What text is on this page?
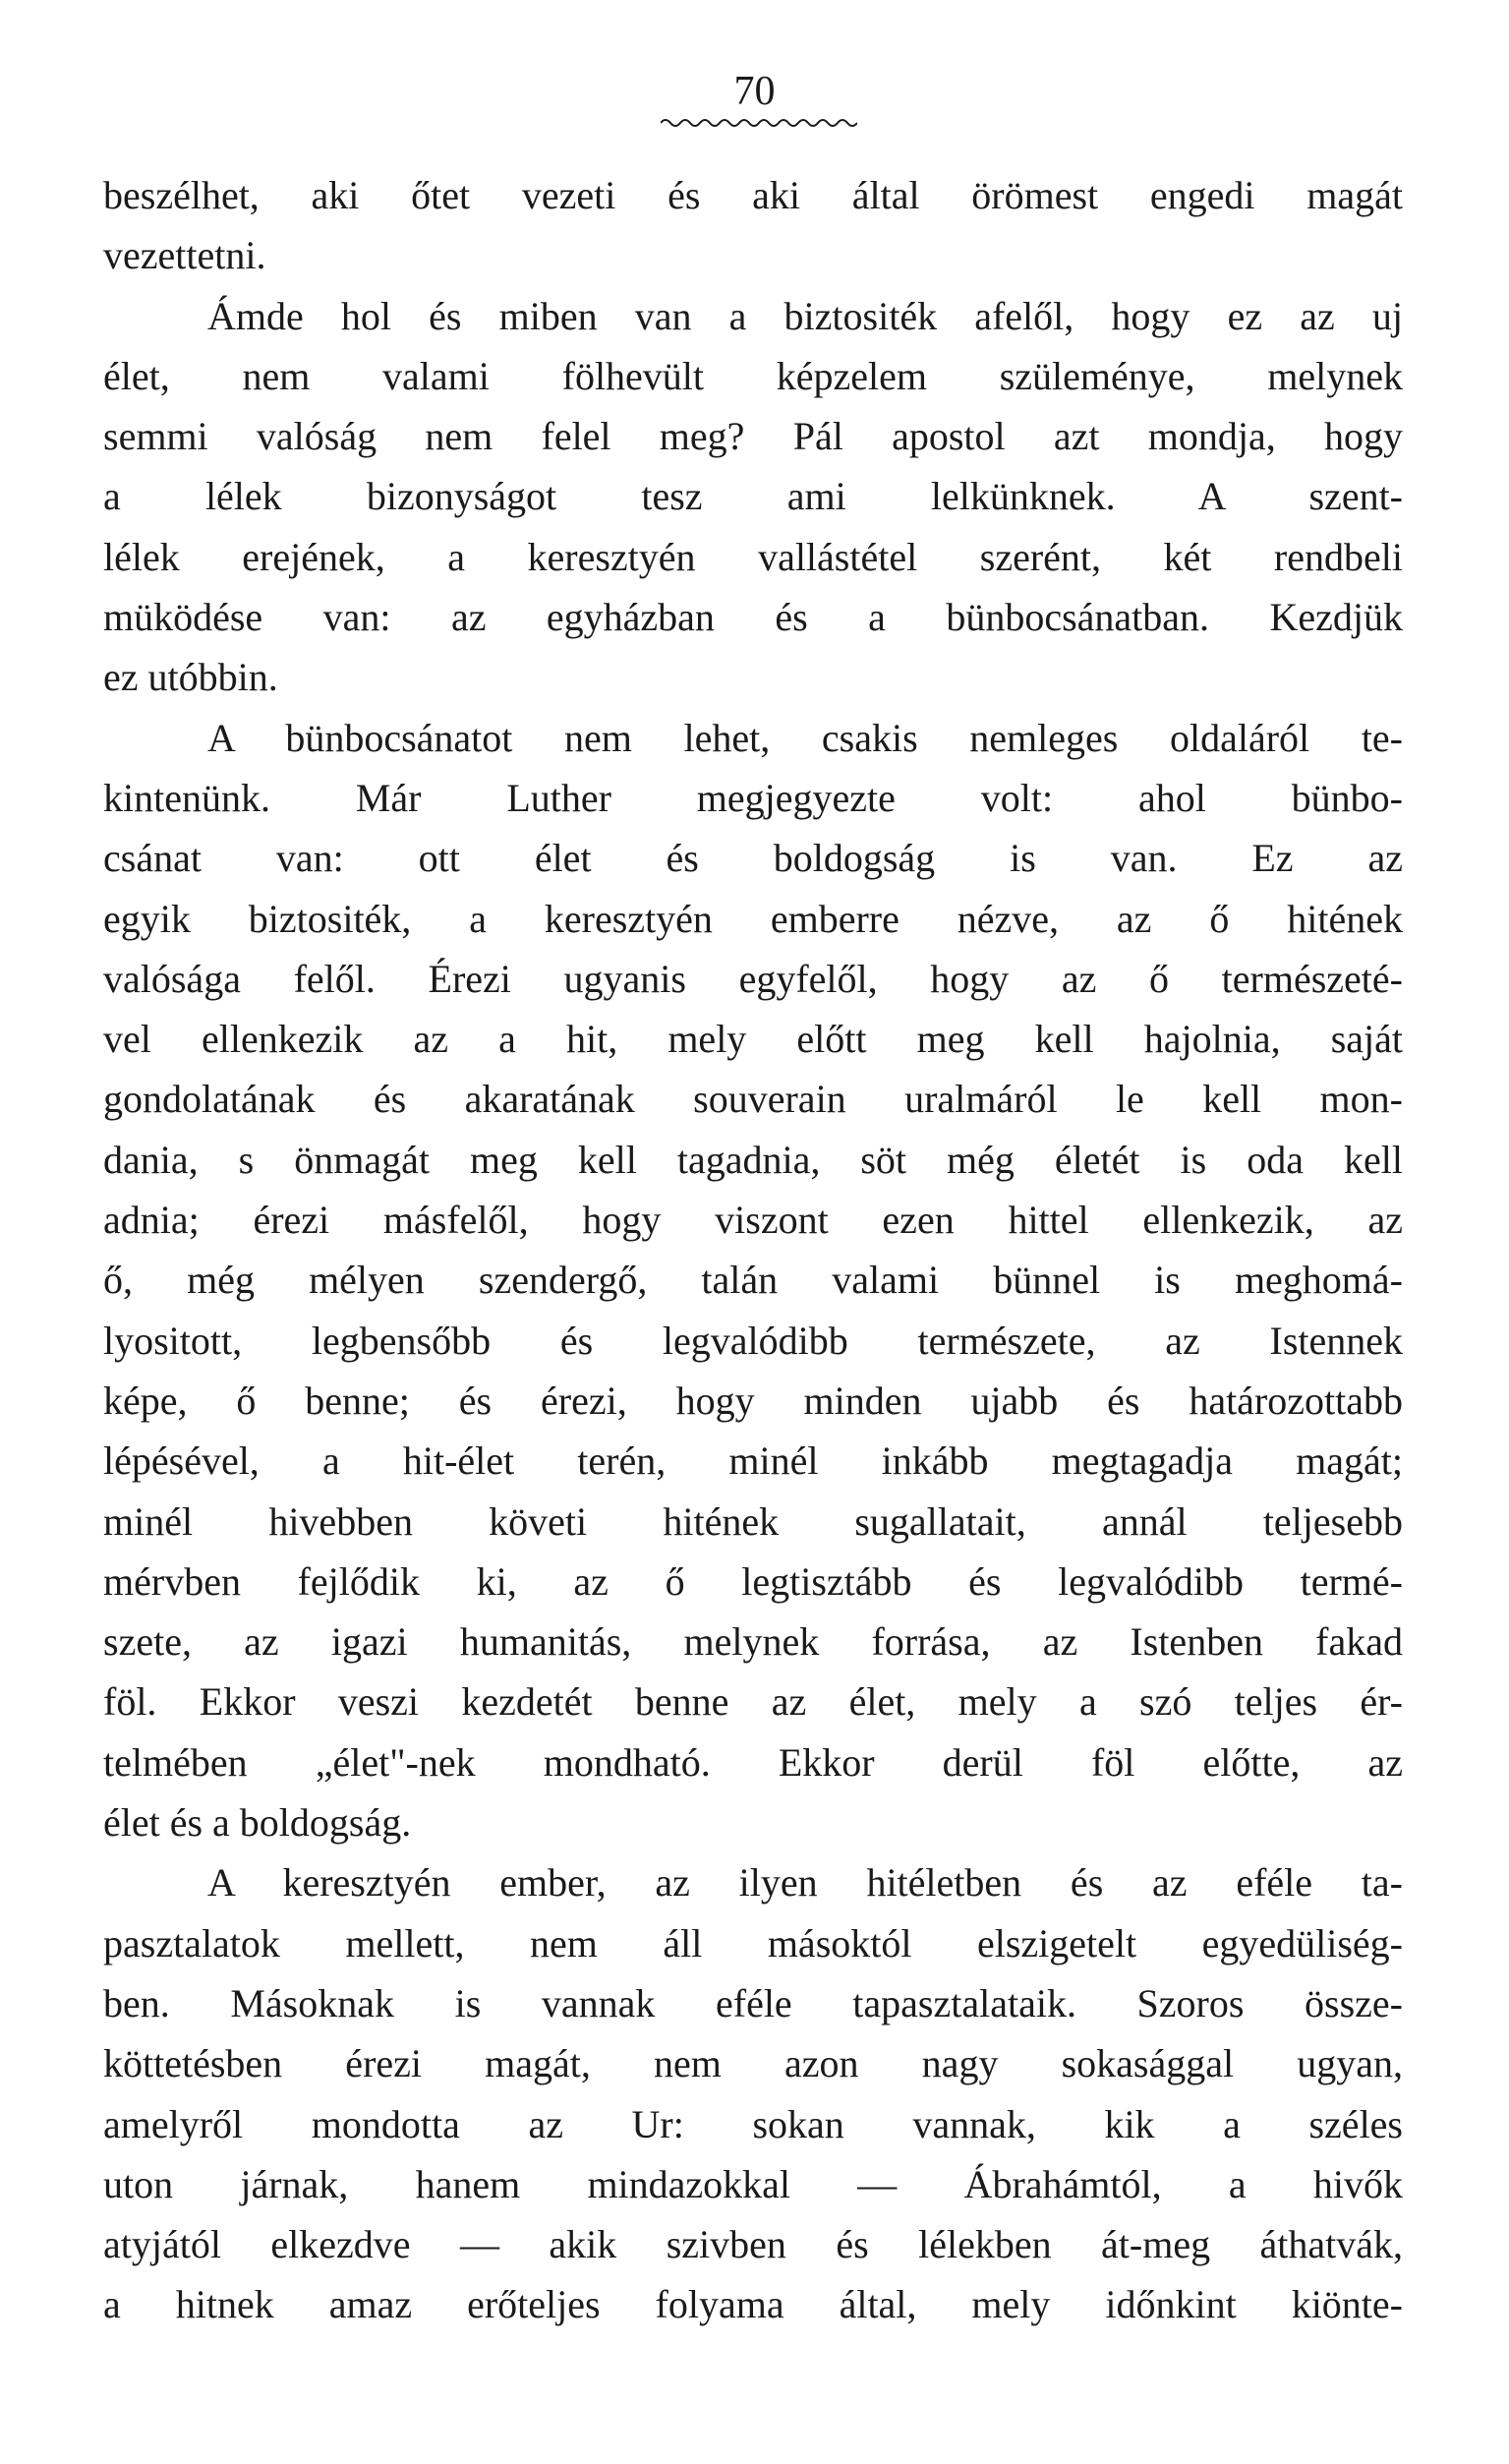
70
beszélhet, aki őtet vezeti és aki által örömest engedi magát
vezettetni.
Ámde hol és miben van a biztositék afelől, hogy ez az uj
élet, nem valami fölhevült képzelem szüleménye, melynek
semmi valóság nem felel meg? Pál apostol azt mondja, hogy
a lélek bizonyságot tesz ami lelkünknek. A szent-
lélek erejének, a keresztyén vallástétel szerént, két rendbeli
müködése van: az egyházban és a bünbocsánatban. Kezdjük
ez utóbbin.
A bünbocsánatot nem lehet, csakis nemleges oldaláról te-
kintenünk. Már Luther megjegyezte volt: ahol bünbo-
csánat van: ott élet és boldogság is van. Ez az
egyik biztositék, a keresztyén emberre nézve, az ő hitének
valósága felől. Érezi ugyanis egyfelől, hogy az ő természeté-
vel ellenkezik az a hit, mely előtt meg kell hajolnia, saját
gondolatának és akaratának souverain uralmáról le kell mon-
dania, s önmagát meg kell tagadnia, söt még életét is oda kell
adnia; érezi másfelől, hogy viszont ezen hittel ellenkezik, az
ő, még mélyen szendergő, talán valami bünnel is meghomá-
lyositott, legbensőbb és legvalódibb természete, az Istennek
képe, ő benne; és érezi, hogy minden ujabb és határozottabb
lépésével, a hit-élet terén, minél inkább megtagadja magát;
minél hivebben követi hitének sugallatait, annál teljesebb
mérvben fejlődik ki, az ő legtisztább és legvalódibb termé-
szete, az igazi humanitás, melynek forrása, az Istenben fakad
föl. Ekkor veszi kezdetét benne az élet, mely a szó teljes ér-
telmében „élet"-nek mondható. Ekkor derül föl előtte, az
élet és a boldogság.
A keresztyén ember, az ilyen hitéletben és az eféle ta-
pasztalatok mellett, nem áll másoktól elszigetelt egyedüliség-
ben. Másoknak is vannak eféle tapasztalataik. Szoros össze-
köttetésben érezi magát, nem azon nagy sokasággal ugyan,
amelyről mondotta az Ur: sokan vannak, kik a széles
uton járnak, hanem mindazokkal — Ábrahámtól, a hivők
atyjától elkezdve — akik szivben és lélekben át-meg áthatvák,
a hitnek amaz erőteljes folyama által, mely időnkint kiönte-
